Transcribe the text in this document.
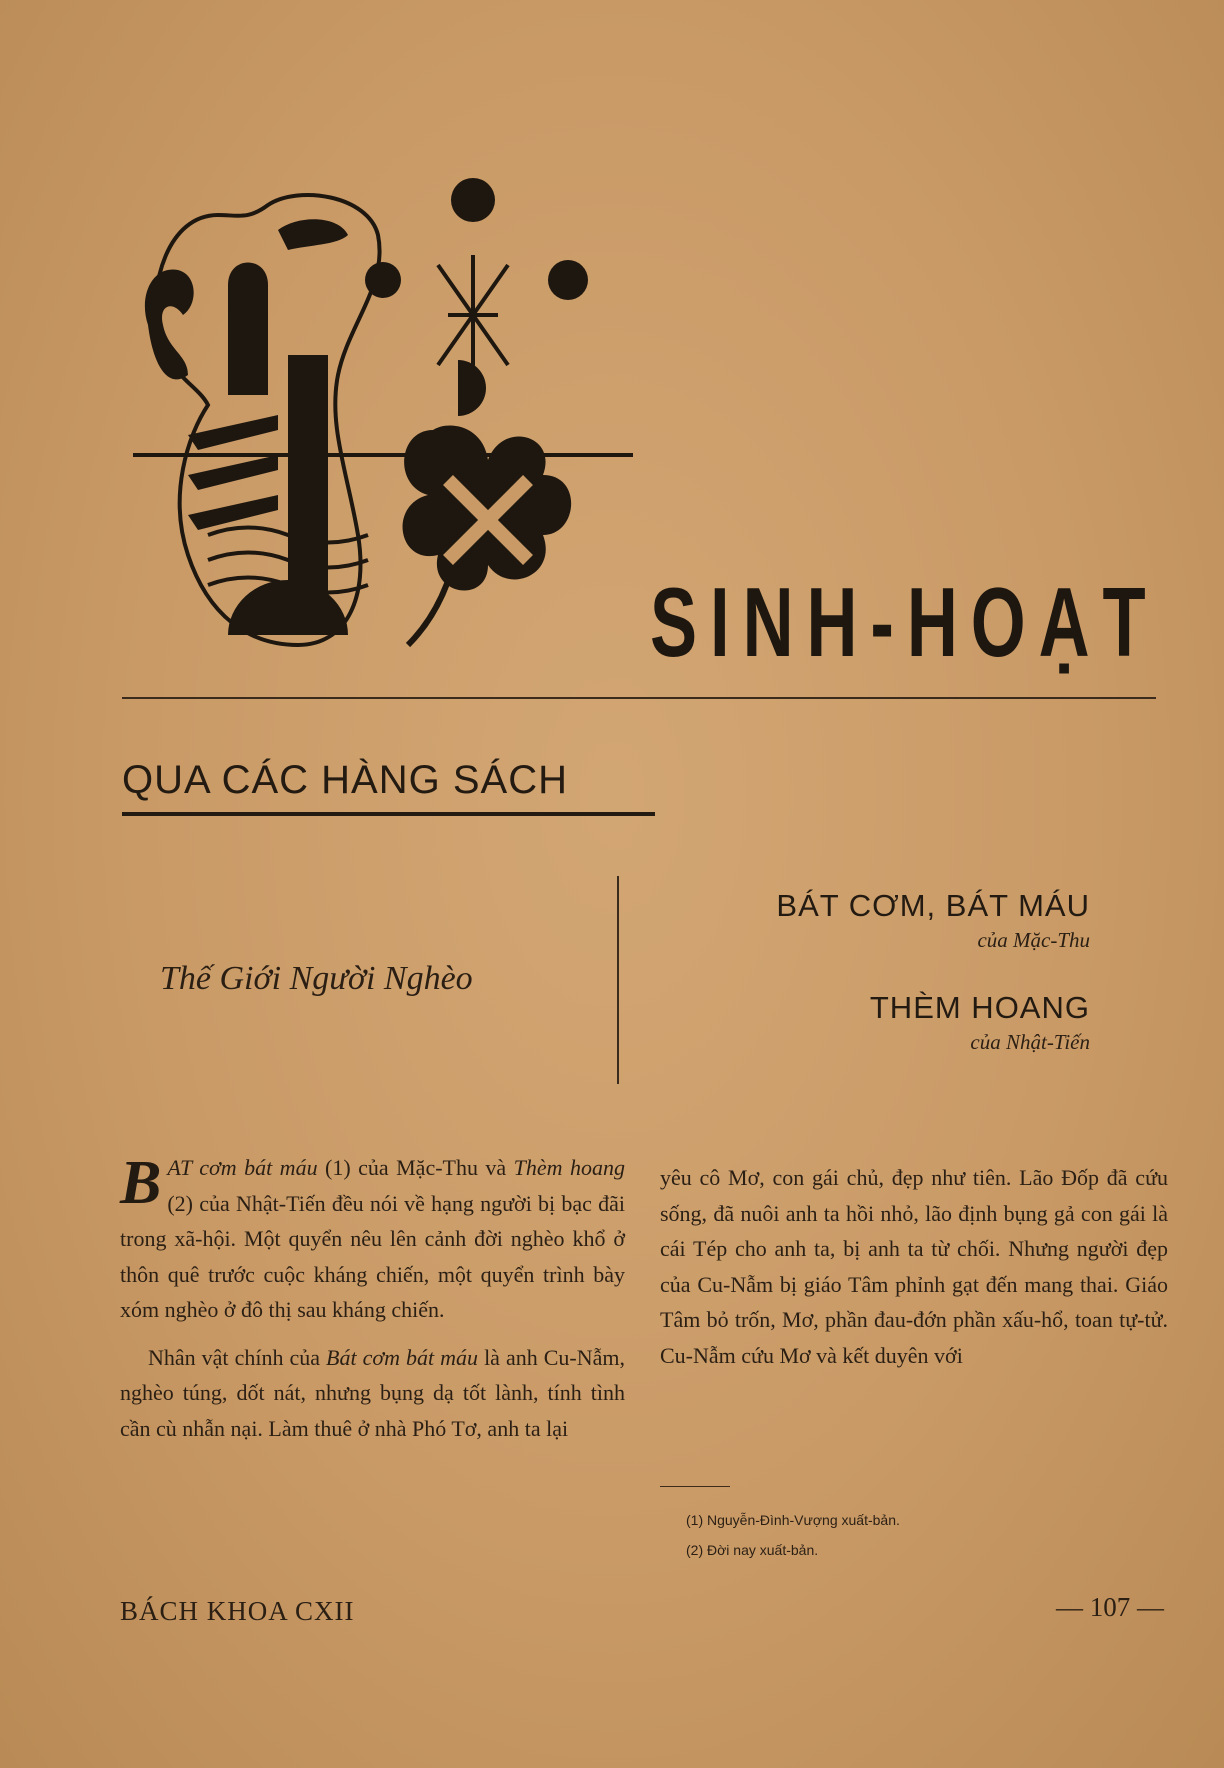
SINH-HOẠT
QUA CÁC HÀNG SÁCH
Thế Giới Người Nghèo
BÁT CƠM, BÁT MÁU
của Mặc-Thu
THÈM HOANG
của Nhật-Tiến

BAT cơm bát máu (1) của Mặc-Thu và Thèm hoang (2) của Nhật-Tiến đều nói về hạng người bị bạc đãi trong xã-hội. Một quyển nêu lên cảnh đời nghèo khổ ở thôn quê trước cuộc kháng chiến, một quyển trình bày xóm nghèo ở đô thị sau kháng chiến.

Nhân vật chính của Bát cơm bát máu là anh Cu-Nẫm, nghèo túng, dốt nát, nhưng bụng dạ tốt lành, tính tình cần cù nhẫn nại. Làm thuê ở nhà Phó Tơ, anh ta lại

yêu cô Mơ, con gái chủ, đẹp như tiên. Lão Đốp đã cứu sống, đã nuôi anh ta hồi nhỏ, lão định bụng gả con gái là cái Tép cho anh ta, bị anh ta từ chối. Nhưng người đẹp của Cu-Nẫm bị giáo Tâm phỉnh gạt đến mang thai. Giáo Tâm bỏ trốn, Mơ, phần đau-đớn phần xấu-hổ, toan tự-tử. Cu-Nẫm cứu Mơ và kết duyên với

(1) Nguyễn-Đình-Vượng xuất-bản.
(2) Đời nay xuất-bản.
BÁCH KHOA CXII	— 107 —
